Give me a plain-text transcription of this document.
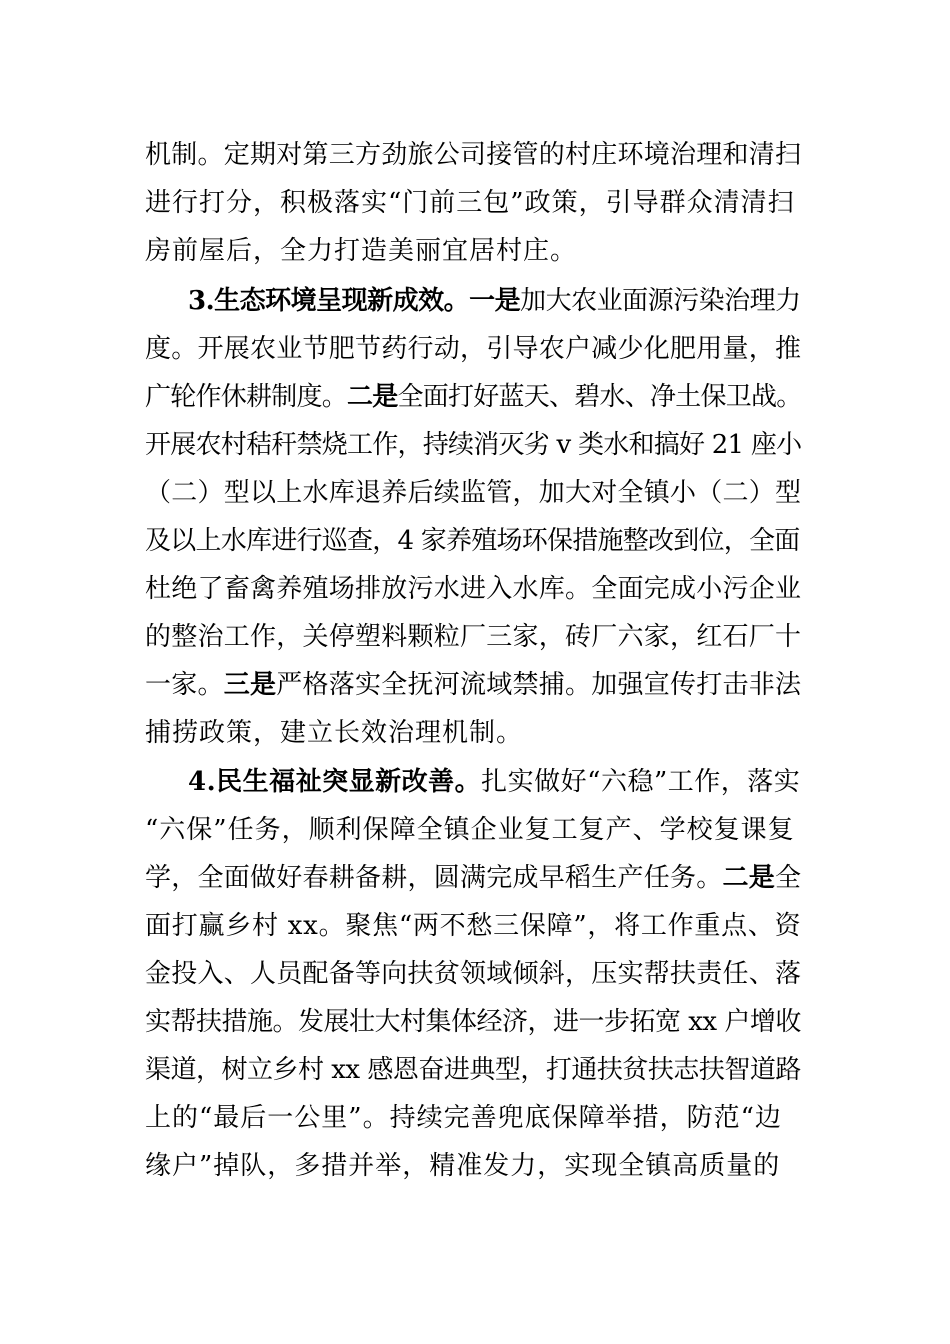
机制。定期对第三方劲旅公司接管的村庄环境治理和清扫
进行打分，积极落实“门前三包”政策，引导群众清清扫
房前屋后，全力打造美丽宜居村庄。
3.生态环境呈现新成效。一是加大农业面源污染治理力
度。开展农业节肥节药行动，引导农户减少化肥用量，推
广轮作休耕制度。二是全面打好蓝天、碧水、净土保卫战。
开展农村秸秆禁烧工作，持续消灭劣 v 类水和搞好 21 座小
（二）型以上水库退养后续监管，加大对全镇小（二）型
及以上水库进行巡查，4 家养殖场环保措施整改到位，全面
杜绝了畜禽养殖场排放污水进入水库。全面完成小污企业
的整治工作，关停塑料颗粒厂三家，砖厂六家，红石厂十
一家。三是严格落实全抚河流域禁捕。加强宣传打击非法
捕捞政策，建立长效治理机制。
4.民生福祉突显新改善。扎实做好“六稳”工作，落实
“六保”任务，顺利保障全镇企业复工复产、学校复课复
学，全面做好春耕备耕，圆满完成早稻生产任务。二是全
面打赢乡村 xx。聚焦“两不愁三保障”，将工作重点、资
金投入、人员配备等向扶贫领域倾斜，压实帮扶责任、落
实帮扶措施。发展壮大村集体经济，进一步拓宽 xx 户增收
渠道，树立乡村 xx 感恩奋进典型，打通扶贫扶志扶智道路
上的“最后一公里”。持续完善兜底保障举措，防范“边
缘户”掉队，多措并举，精准发力，实现全镇高质量的
